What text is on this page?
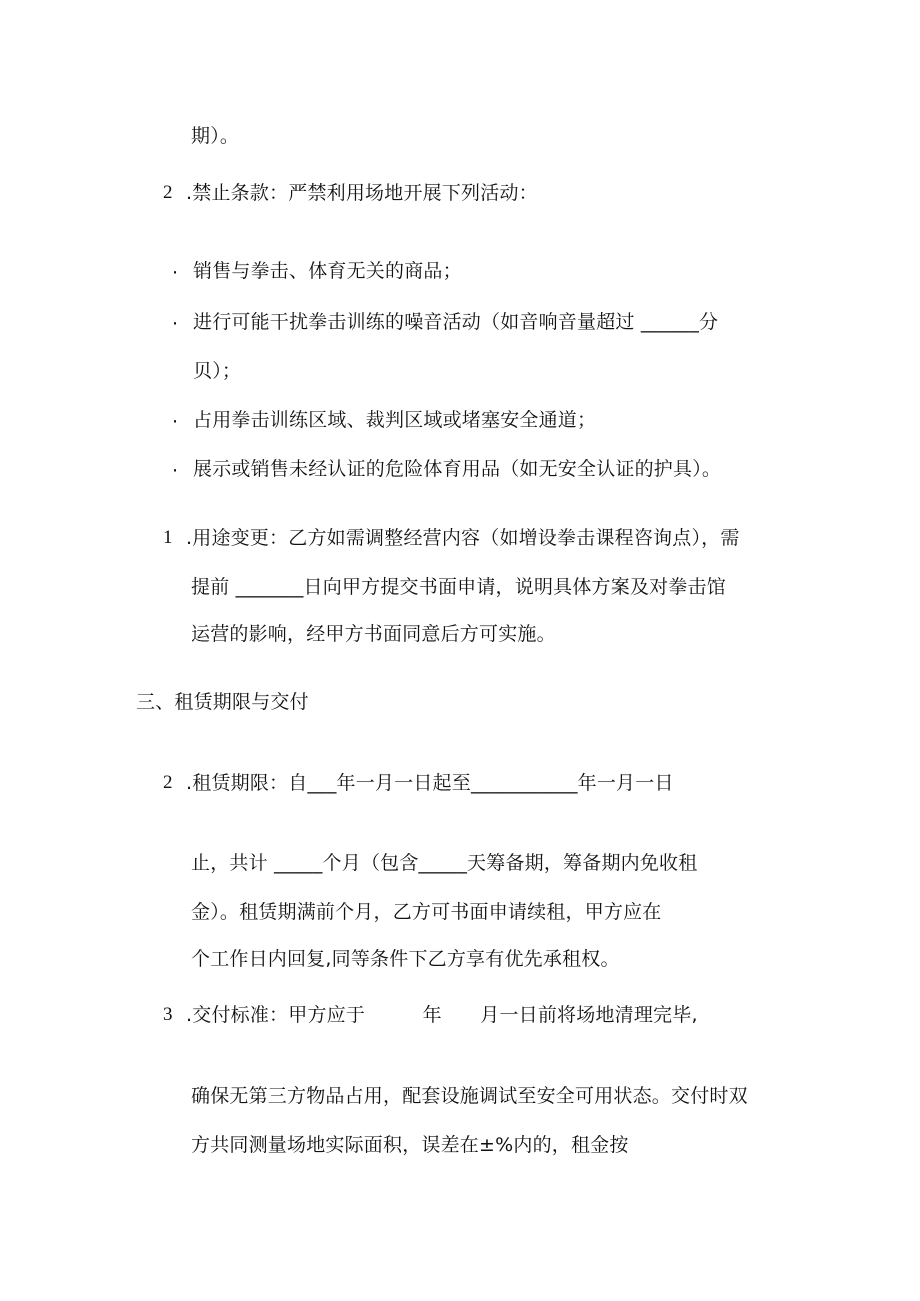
期）。
2 .禁止条款：严禁利用场地开展下列活动：
· 销售与拳击、体育无关的商品；
· 进行可能干扰拳击训练的噪音活动（如音响音量超过 ______分
贝）；
· 占用拳击训练区域、裁判区域或堵塞安全通道；
· 展示或销售未经认证的危险体育用品（如无安全认证的护具）。
1 .用途变更：乙方如需调整经营内容（如增设拳击课程咨询点），需
提前 _______日向甲方提交书面申请，说明具体方案及对拳击馆
运营的影响，经甲方书面同意后方可实施。
三、租赁期限与交付
2 .租赁期限：自___年一月一日起至___________年一月一日
止，共计 _____个月（包含_____天筹备期，筹备期内免收租
金）。租赁期满前个月，乙方可书面申请续租，甲方应在
个工作日内回复,同等条件下乙方享有优先承租权。
3 .交付标准：甲方应于　　　年　　月一日前将场地清理完毕,
确保无第三方物品占用，配套设施调试至安全可用状态。交付时双
方共同测量场地实际面积，误差在±%内的，租金按
